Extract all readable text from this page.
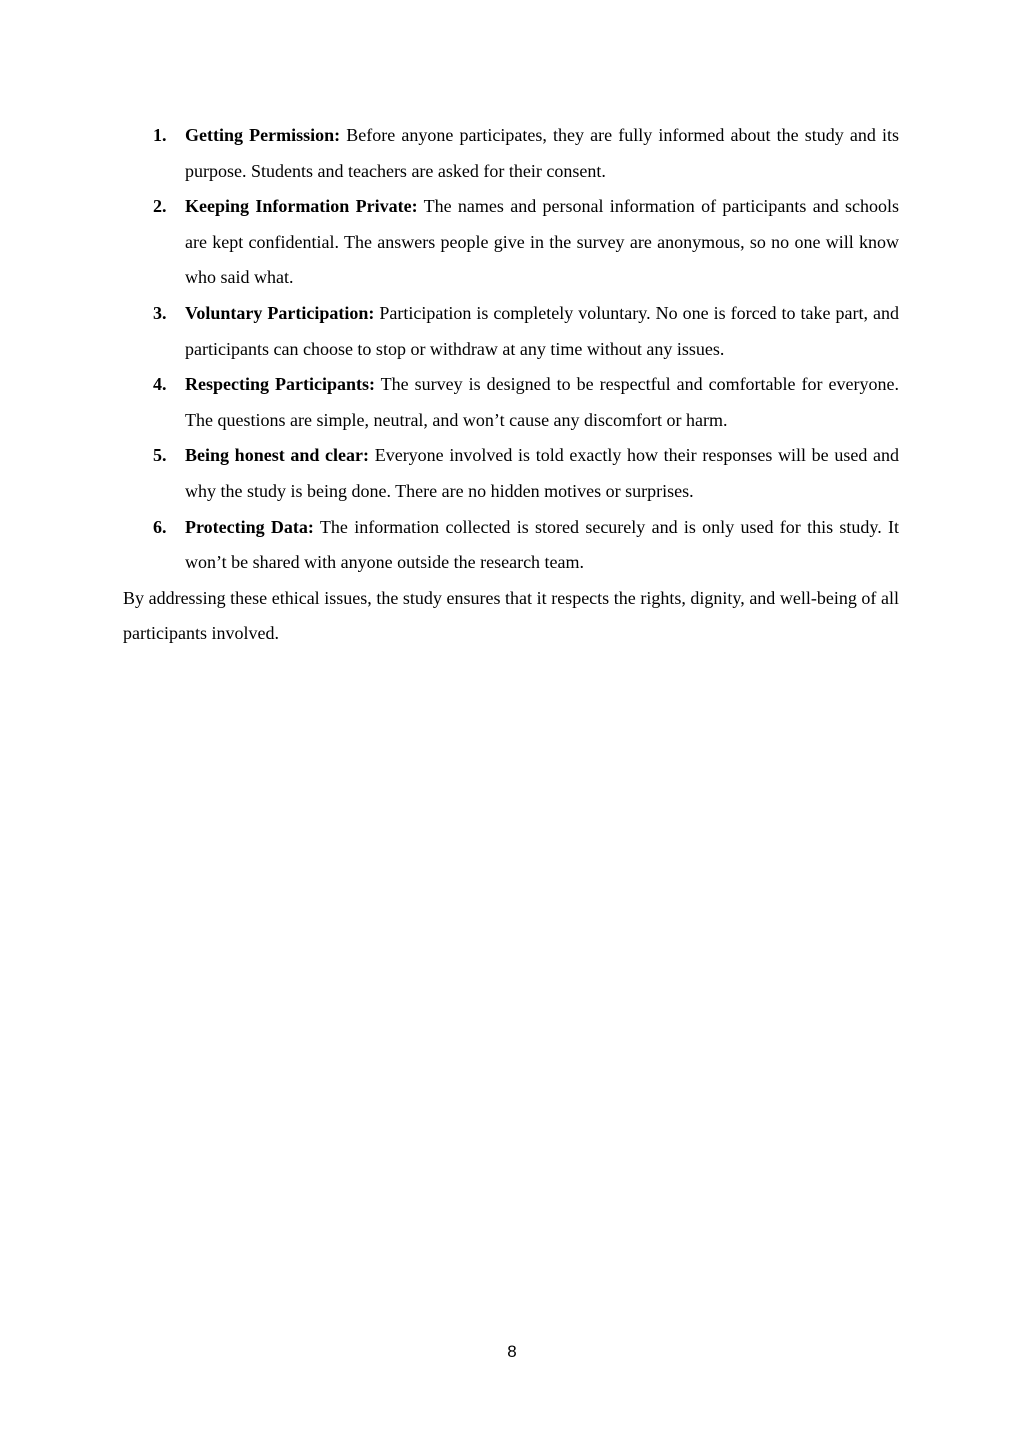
1. Getting Permission: Before anyone participates, they are fully informed about the study and its purpose. Students and teachers are asked for their consent.
2. Keeping Information Private: The names and personal information of participants and schools are kept confidential. The answers people give in the survey are anonymous, so no one will know who said what.
3. Voluntary Participation: Participation is completely voluntary. No one is forced to take part, and participants can choose to stop or withdraw at any time without any issues.
4. Respecting Participants: The survey is designed to be respectful and comfortable for everyone. The questions are simple, neutral, and won’t cause any discomfort or harm.
5. Being honest and clear: Everyone involved is told exactly how their responses will be used and why the study is being done. There are no hidden motives or surprises.
6. Protecting Data: The information collected is stored securely and is only used for this study. It won’t be shared with anyone outside the research team.

By addressing these ethical issues, the study ensures that it respects the rights, dignity, and well-being of all participants involved.

8
